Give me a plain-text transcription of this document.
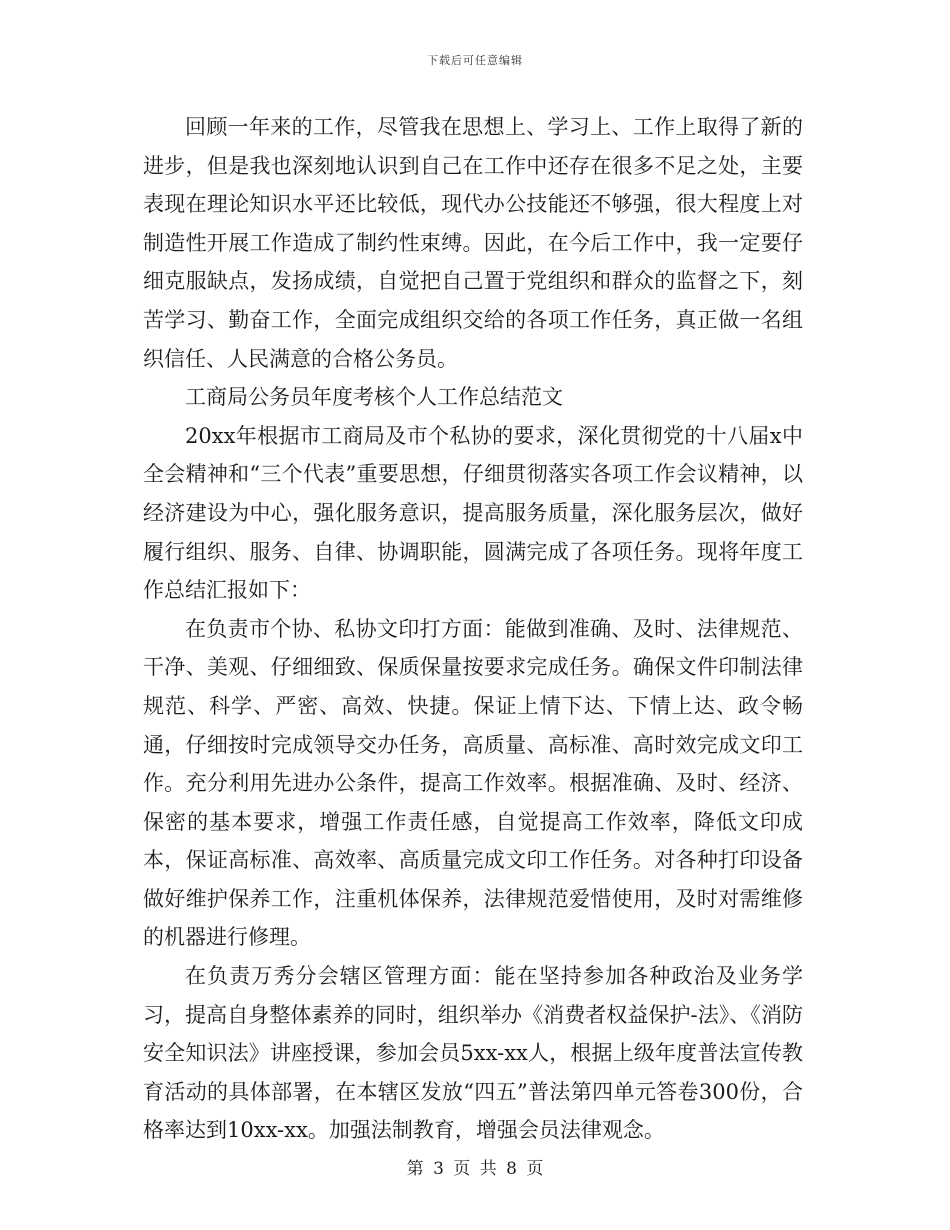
下载后可任意编辑

回顾一年来的工作，尽管我在思想上、学习上、工作上取得了新的进步，但是我也深刻地认识到自己在工作中还存在很多不足之处，主要表现在理论知识水平还比较低，现代办公技能还不够强，很大程度上对制造性开展工作造成了制约性束缚。因此，在今后工作中，我一定要仔细克服缺点，发扬成绩，自觉把自己置于党组织和群众的监督之下，刻苦学习、勤奋工作，全面完成组织交给的各项工作任务，真正做一名组织信任、人民满意的合格公务员。

工商局公务员年度考核个人工作总结范文

20xx年根据市工商局及市个私协的要求，深化贯彻党的十八届x中全会精神和“三个代表”重要思想，仔细贯彻落实各项工作会议精神，以经济建设为中心，强化服务意识，提高服务质量，深化服务层次，做好履行组织、服务、自律、协调职能，圆满完成了各项任务。现将年度工作总结汇报如下：

在负责市个协、私协文印打方面：能做到准确、及时、法律规范、干净、美观、仔细细致、保质保量按要求完成任务。确保文件印制法律规范、科学、严密、高效、快捷。保证上情下达、下情上达、政令畅通，仔细按时完成领导交办任务，高质量、高标准、高时效完成文印工作。充分利用先进办公条件，提高工作效率。根据准确、及时、经济、保密的基本要求，增强工作责任感，自觉提高工作效率，降低文印成本，保证高标准、高效率、高质量完成文印工作任务。对各种打印设备做好维护保养工作，注重机体保养，法律规范爱惜使用，及时对需维修的机器进行修理。

在负责万秀分会辖区管理方面：能在坚持参加各种政治及业务学习，提高自身整体素养的同时，组织举办《消费者权益保护-法》、《消防安全知识法》讲座授课，参加会员5xx-xx人，根据上级年度普法宣传教育活动的具体部署，在本辖区发放“四五”普法第四单元答卷300份，合格率达到10xx-xx。加强法制教育，增强会员法律观念。

第 3 页 共 8 页
